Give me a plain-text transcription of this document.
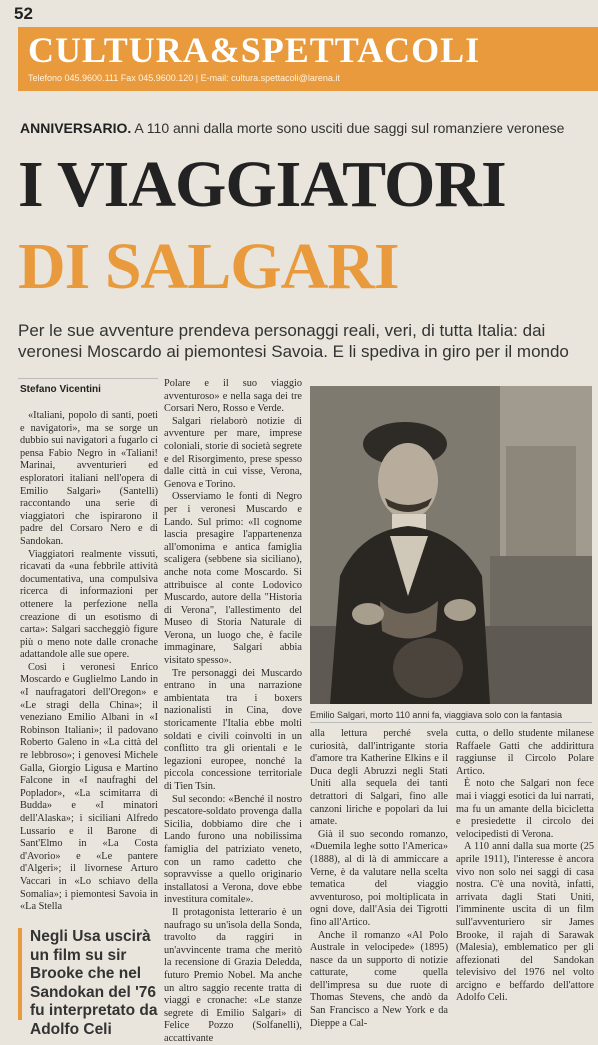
52
CULTURA&SPETTACOLI
Telefono 045.9600.111 Fax 045.9600.120 | E-mail: cultura.spettacoli@larena.it
ANNIVERSARIO. A 110 anni dalla morte sono usciti due saggi sul romanziere veronese
I VIAGGIATORI
DI SALGARI
Per le sue avventure prendeva personaggi reali, veri, di tutta Italia: dai veronesi Moscardo ai piemontesi Savoia. E li spediva in giro per il mondo
Stefano Vicentini

«Italiani, popolo di santi, poeti e navigatori», ma se sorge un dubbio sui navigatori a fugarlo ci pensa Fabio Negro in «Taliani! Marinai, avventurieri ed esploratori italiani nell'opera di Emilio Salgari» (Santelli) raccontando una serie di viaggiatori che ispirarono il padre del Corsaro Nero e di Sandokan.

Viaggiatori realmente vissuti, ricavati da «una febbrile attività documentativa, una compulsiva ricerca di informazioni per ottenere la perfezione nella creazione di un esotismo di carta»: Salgari saccheggiò figure più o meno note dalle cronache adattandole alle sue opere.

Così i veronesi Enrico Moscardo e Guglielmo Lando in «I naufragatori dell'Oregon» e «Le stragi della China»; il veneziano Emilio Albani in «I Robinson Italiani»; il padovano Roberto Galeno in «La città del re lebbroso»; i genovesi Michele Galla, Giorgio Ligusa e Martino Falcone in «I naufraghi del Poplador», «La scimitarra di Budda» e «I minatori dell'Alaska»; i siciliani Alfredo Lussario e il Barone di Sant'Elmo in «La Costa d'Avorio» e «Le pantere d'Algeri»; il livornese Arturo Vaccari in «Lo schiavo della Somalia»; i piemontesi Savoia in «La Stella

Polare e il suo viaggio avventuroso» e nella saga dei tre Corsari Nero, Rosso e Verde.

Salgari rielaborò notizie di avventure per mare, imprese coloniali, storie di società segrete e del Risorgimento, prese spesso dalle città in cui visse, Verona, Genova e Torino.

Osserviamo le fonti di Negro per i veronesi Muscardo e Lando. Sul primo: «Il cognome lascia presagire l'appartenenza all'omonima e antica famiglia scaligera (sebbene sia siciliano), anche nota come Moscardo. Si attribuisce al conte Lodovico Muscardo, autore della "Historia di Verona", l'allestimento del Museo di Storia Naturale di Verona, un luogo che, è facile immaginare, Salgari abbia visitato spesso».

Tre personaggi dei Muscardo entrano in una narrazione ambientata tra i boxers nazionalisti in Cina, dove storicamente l'Italia ebbe molti soldati e civili coinvolti in un conflitto tra gli orientali e le legazioni europee, nonché la piccola concessione territoriale di Tien Tsin.

Sul secondo: «Benché il nostro pescatore-soldato provenga dalla Sicilia, dobbiamo dire che i Lando furono una nobilissima famiglia del patriziato veneto, con un ramo cadetto che sopravvisse a quello originario installatosi a Verona, dove ebbe investitura comitale».

Il protagonista letterario è un naufrago su un'isola della Sonda, travolto da raggiri in un'avvincente trama che meritò la recensione di Grazia Deledda, futuro Premio Nobel. Ma anche un altro saggio recente tratta di viaggi e cronache: «Le stanze segrete di Emilio Salgari» di Felice Pozzo (Solfanelli), accattivante

Emilio Salgari, morto 110 anni fa, viaggiava solo con la fantasia

alla lettura perché svela curiosità, dall'intrigante storia d'amore tra Katherine Elkins e il Duca degli Abruzzi negli Stati Uniti alla sequela dei tanti detrattori di Salgari, fino alle canzoni liriche e popolari da lui amate.

Già il suo secondo romanzo, «Duemila leghe sotto l'America» (1888), al di là di ammiccare a Verne, è da valutare nella scelta tematica del viaggio avventuroso, poi moltiplicata in ogni dove, dall'Asia dei Tigrotti fino all'Artico.

Anche il romanzo «Al Polo Australe in velocipede» (1895) nasce da un supporto di notizie catturate, come quella dell'impresa su due ruote di Thomas Stevens, che andò da San Francisco a New York e da Dieppe a Cal-

cutta, o dello studente milanese Raffaele Gatti che addirittura raggiunse il Circolo Polare Artico.

È noto che Salgari non fece mai i viaggi esotici da lui narrati, ma fu un amante della bicicletta e presiedette il circolo dei velocipedisti di Verona.

A 110 anni dalla sua morte (25 aprile 1911), l'interesse è ancora vivo non solo nei saggi di casa nostra. C'è una novità, infatti, arrivata dagli Stati Uniti, l'imminente uscita di un film sull'avventuriero sir James Brooke, il rajah di Sarawak (Malesia), emblematico per gli affezionati del Sandokan televisivo del 1976 nel volto arcigno e beffardo dell'attore Adolfo Celi.

Negli Usa uscirà un film su sir Brooke che nel Sandokan del '76 fu interpretato da Adolfo Celi
